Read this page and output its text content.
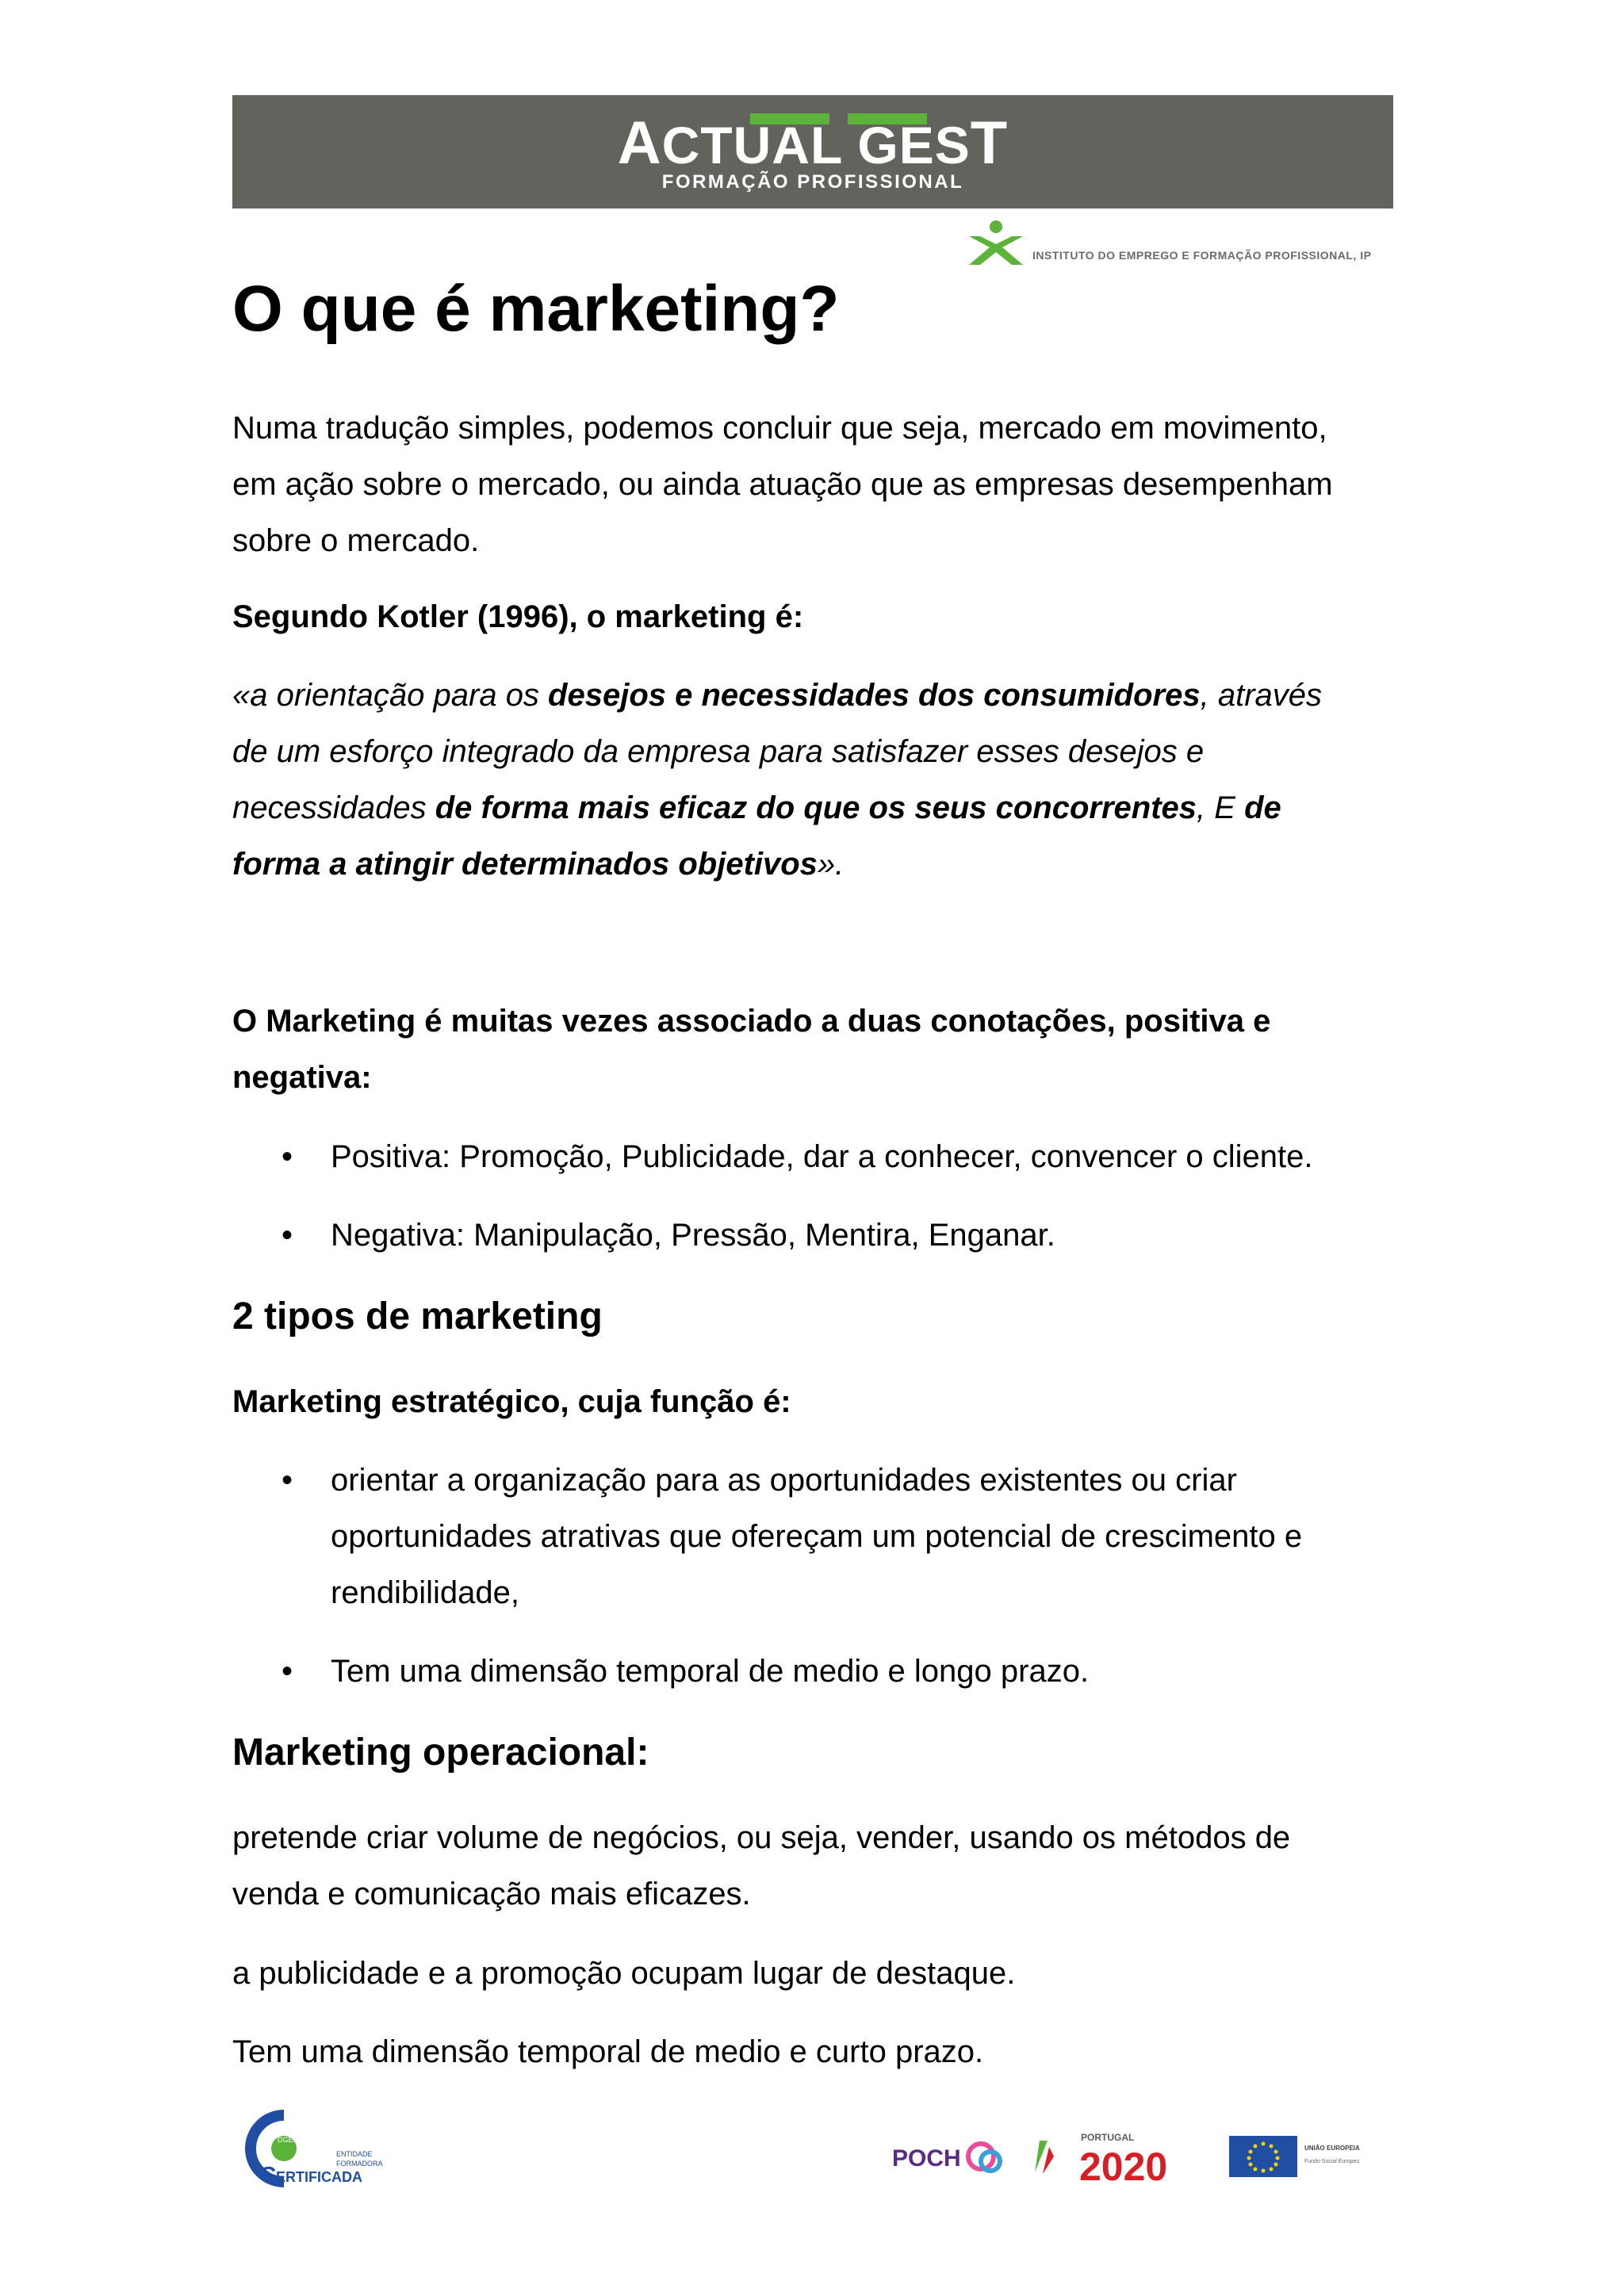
ACTUAL GEST
FORMAÇÃO PROFISSIONAL
INSTITUTO DO EMPREGO E FORMAÇÃO PROFISSIONAL, IP
O que é marketing?
Numa tradução simples, podemos concluir que seja, mercado em movimento,
em ação sobre o mercado, ou ainda atuação que as empresas desempenham
sobre o mercado.
Segundo Kotler (1996), o marketing é:
«a orientação para os desejos e necessidades dos consumidores, através
de um esforço integrado da empresa para satisfazer esses desejos e
necessidades de forma mais eficaz do que os seus concorrentes, E de
forma a atingir determinados objetivos».
O Marketing é muitas vezes associado a duas conotações, positiva e
negativa:
• Positiva: Promoção, Publicidade, dar a conhecer, convencer o cliente.
• Negativa: Manipulação, Pressão, Mentira, Enganar.
2 tipos de marketing
Marketing estratégico, cuja função é:
• orientar a organização para as oportunidades existentes ou criar
oportunidades atrativas que ofereçam um potencial de crescimento e
rendibilidade,
• Tem uma dimensão temporal de medio e longo prazo.
Marketing operacional:
pretende criar volume de negócios, ou seja, vender, usando os métodos de
venda e comunicação mais eficazes.
a publicidade e a promoção ocupam lugar de destaque.
Tem uma dimensão temporal de medio e curto prazo.
DGERT
ENTIDADE
FORMADORA
C ERTIFICADA
POCH
PORTUGAL
2020	UNIÃO EUROPEIA
Fundo Social Europeu
